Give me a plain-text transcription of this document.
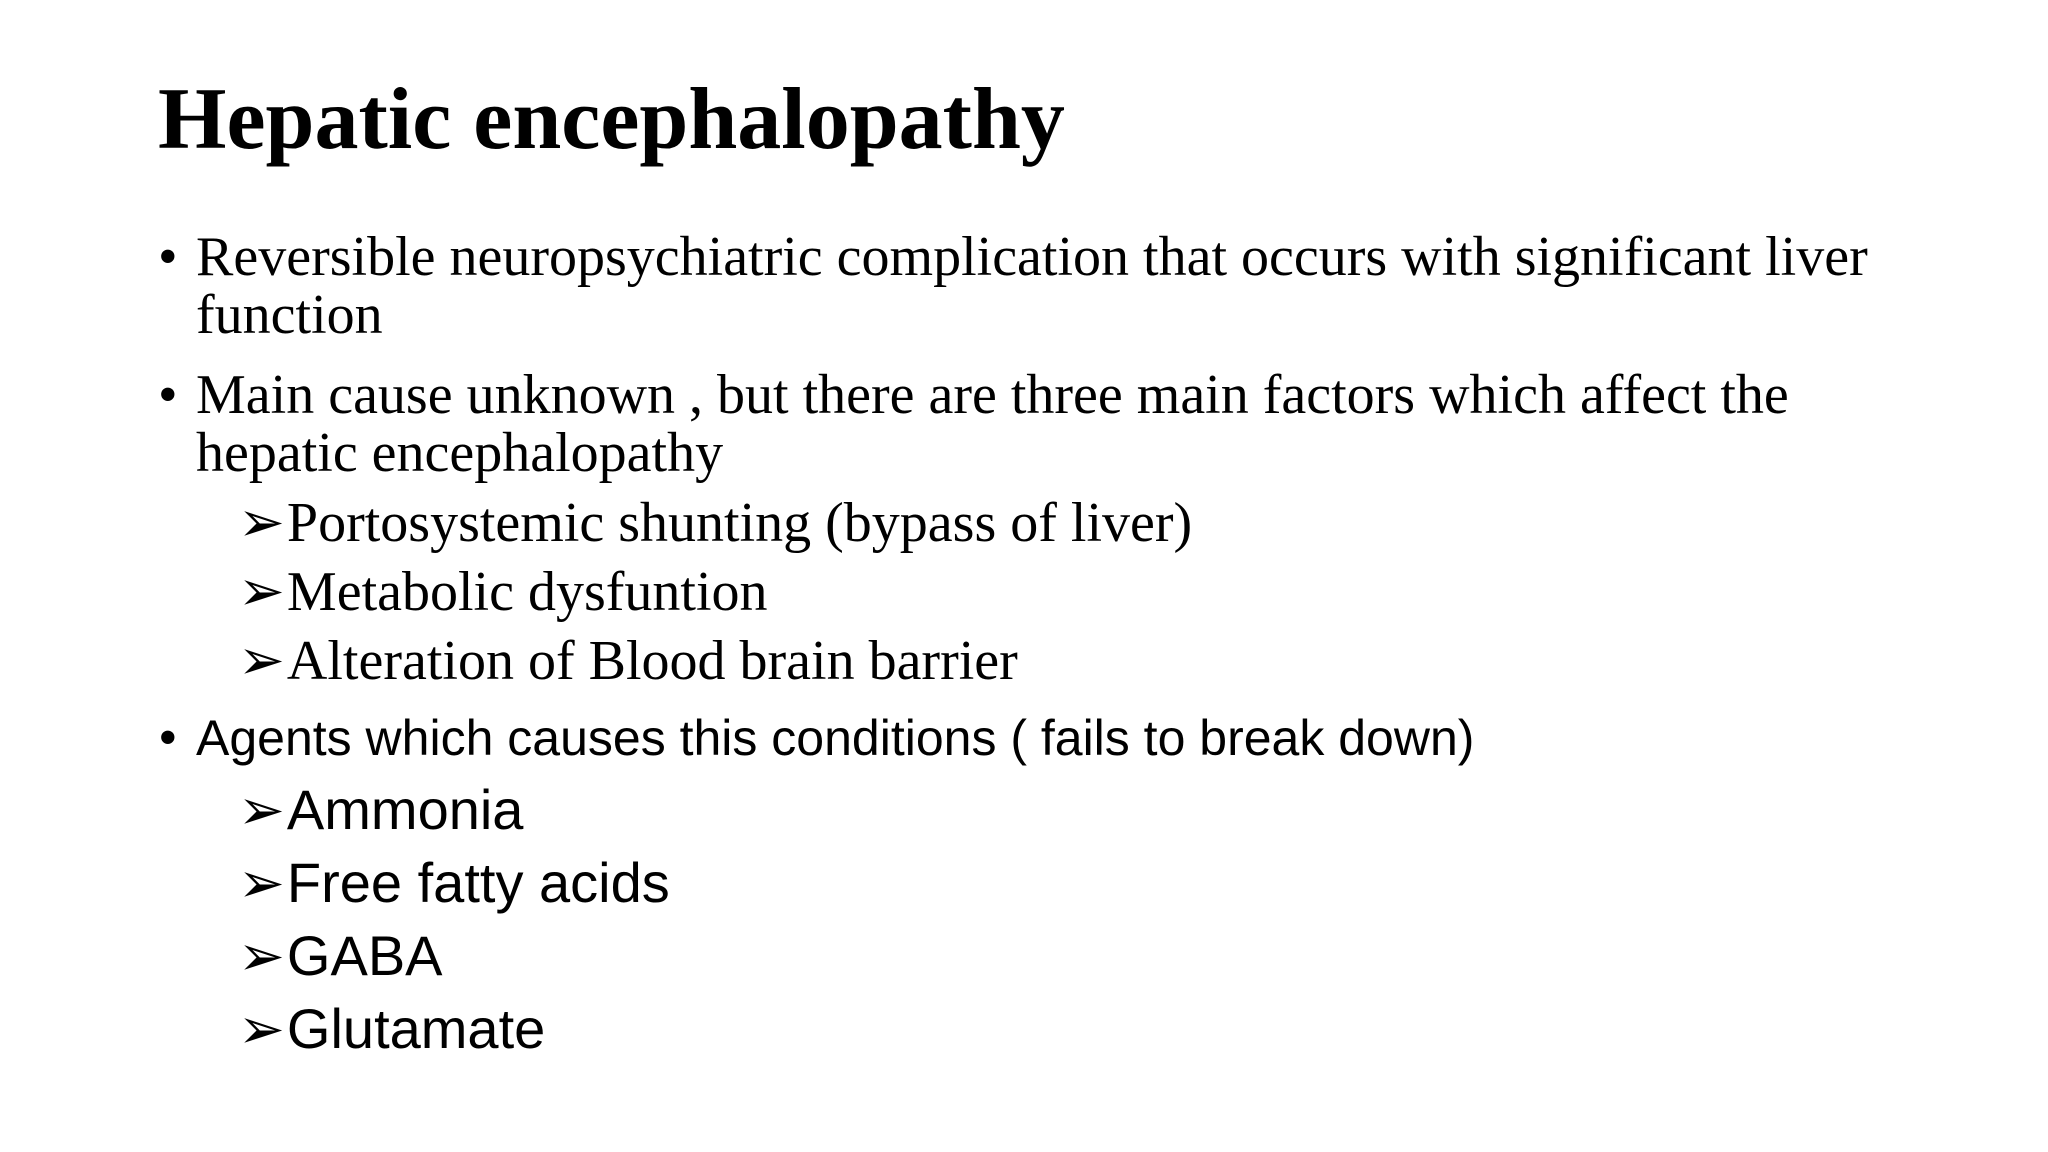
Hepatic encephalopathy
• Reversible neuropsychiatric complication that occurs with significant liver function
• Main cause unknown , but there are three main factors which affect the hepatic encephalopathy
➢ Portosystemic shunting (bypass of liver)
➢ Metabolic dysfuntion
➢ Alteration of Blood brain barrier
• Agents which causes this conditions ( fails to break down)
➢ Ammonia
➢ Free fatty acids
➢ GABA
➢ Glutamate
